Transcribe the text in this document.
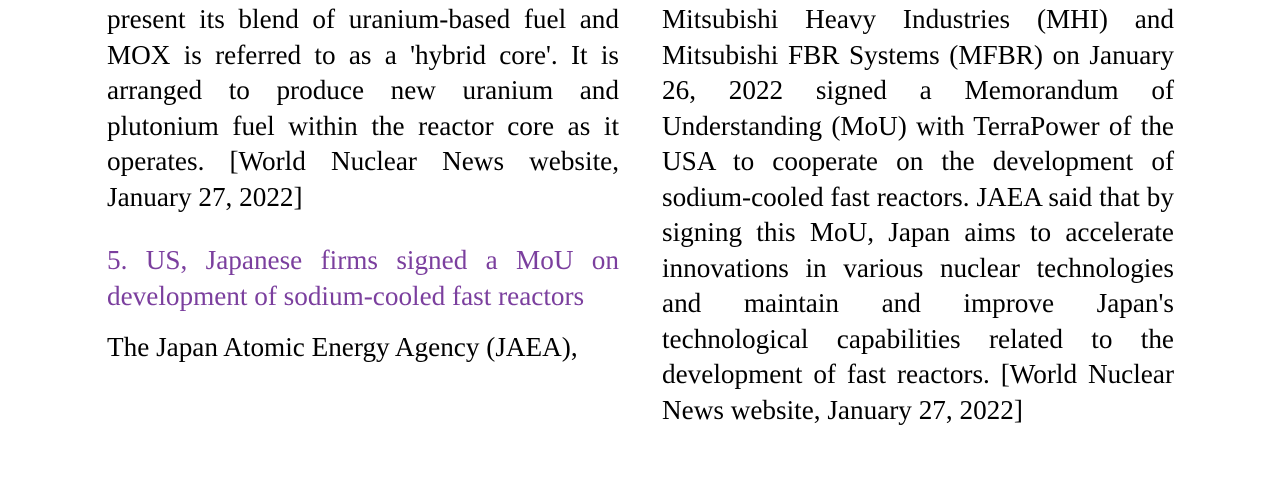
present its blend of uranium-based fuel and MOX is referred to as a 'hybrid core'. It is arranged to produce new uranium and plutonium fuel within the reactor core as it operates. [World Nuclear News website, January 27, 2022]

5. US, Japanese firms signed a MoU on development of sodium-cooled fast reactors

The Japan Atomic Energy Agency (JAEA),

Mitsubishi Heavy Industries (MHI) and Mitsubishi FBR Systems (MFBR) on January 26, 2022 signed a Memorandum of Understanding (MoU) with TerraPower of the USA to cooperate on the development of sodium-cooled fast reactors. JAEA said that by signing this MoU, Japan aims to accelerate innovations in various nuclear technologies and maintain and improve Japan's technological capabilities related to the development of fast reactors. [World Nuclear News website, January 27, 2022]
